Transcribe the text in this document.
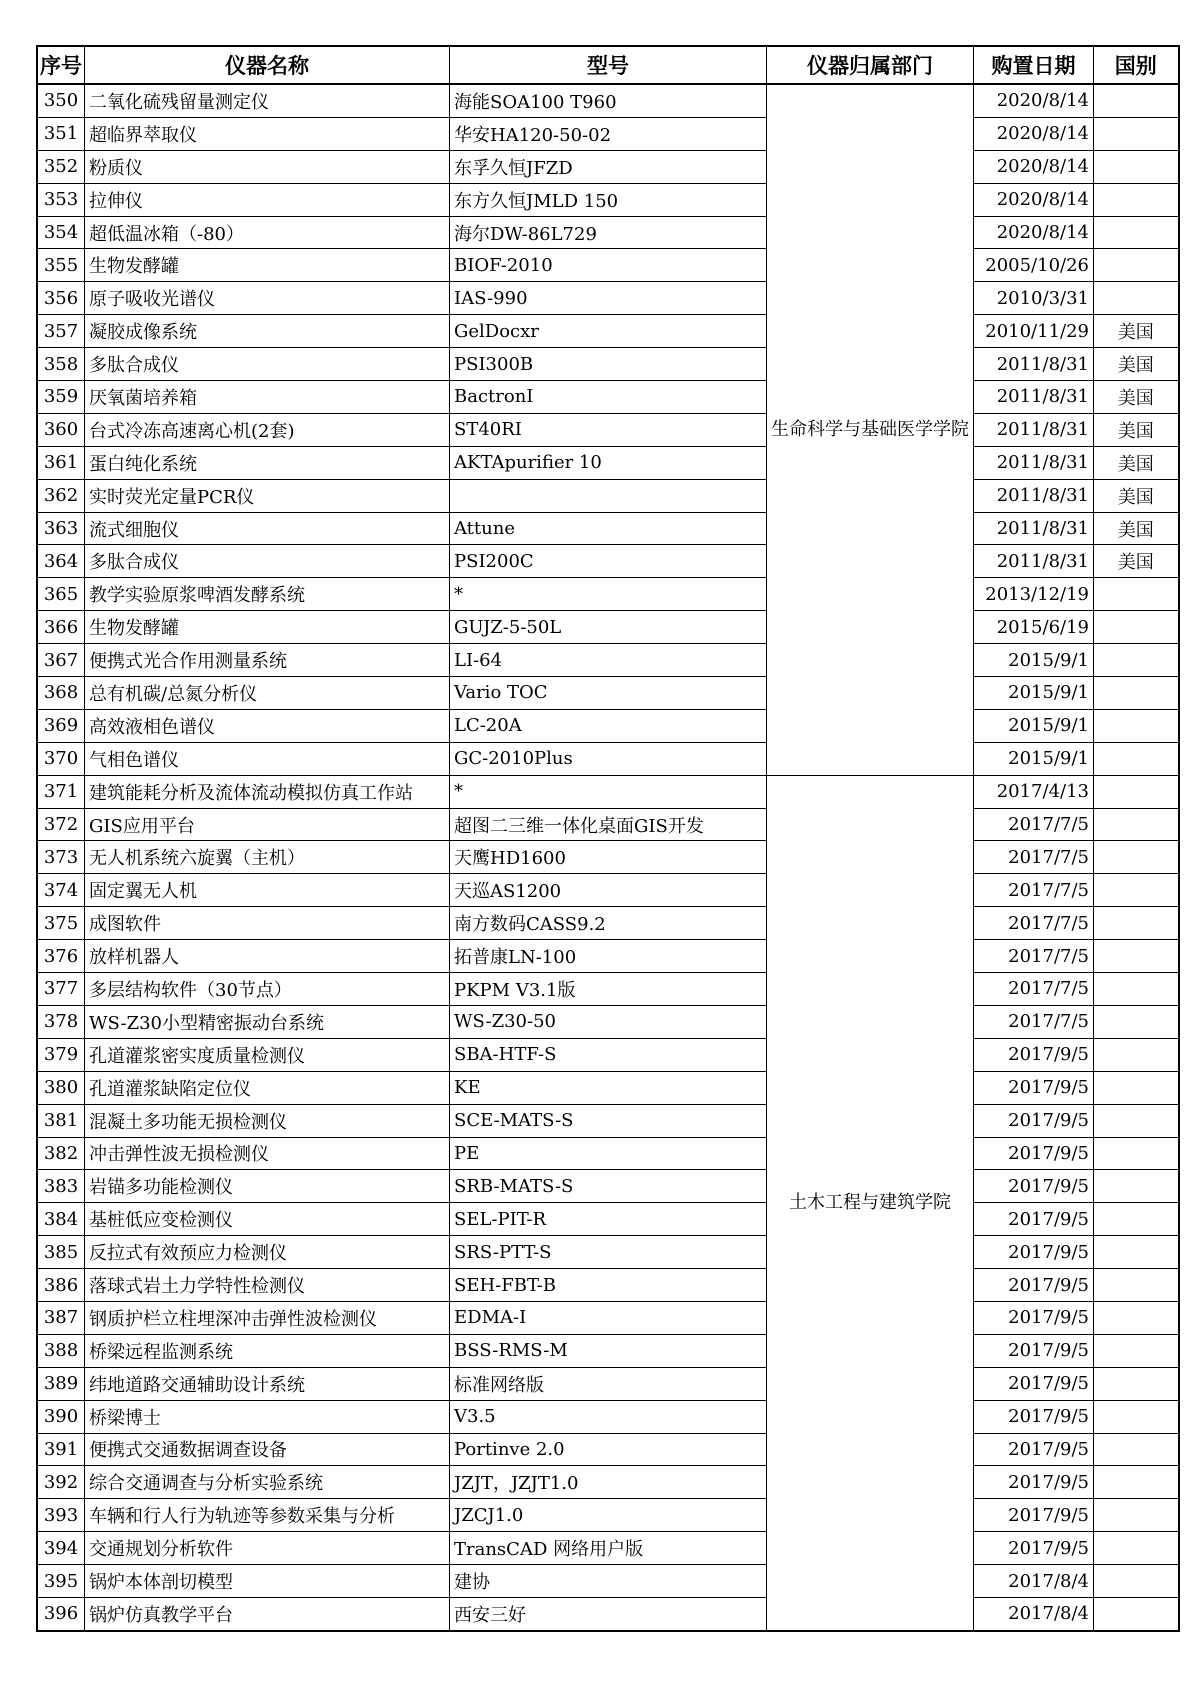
序号	仪器名称	型号	仪器归属部门	购置日期	国别
350	二氧化硫残留量测定仪	海能SOA100 T960	生命科学与基础医学学院	2020/8/14	
351	超临界萃取仪	华安HA120-50-02		2020/8/14	
352	粉质仪	东孚久恒JFZD		2020/8/14	
353	拉伸仪	东方久恒JMLD 150		2020/8/14	
354	超低温冰箱（-80）	海尔DW-86L729		2020/8/14	
355	生物发酵罐	BIOF-2010		2005/10/26	
356	原子吸收光谱仪	IAS-990		2010/3/31	
357	凝胶成像系统	GelDocxr		2010/11/29	美国
358	多肽合成仪	PSI300B		2011/8/31	美国
359	厌氧菌培养箱	BactronⅠ		2011/8/31	美国
360	台式冷冻高速离心机(2套)	ST40RⅠ		2011/8/31	美国
361	蛋白纯化系统	AKTApurifier 10		2011/8/31	美国
362	实时荧光定量PCR仪			2011/8/31	美国
363	流式细胞仪	Attune		2011/8/31	美国
364	多肽合成仪	PSI200C		2011/8/31	美国
365	教学实验原浆啤酒发酵系统	*		2013/12/19	
366	生物发酵罐	GUJZ-5-50L		2015/6/19	
367	便携式光合作用测量系统	LI-64		2015/9/1	
368	总有机碳/总氮分析仪	Vario TOC		2015/9/1	
369	高效液相色谱仪	LC-20A		2015/9/1	
370	气相色谱仪	GC-2010Plus		2015/9/1	
371	建筑能耗分析及流体流动模拟仿真工作站	*	土木工程与建筑学院	2017/4/13	
372	GIS应用平台	超图二三维一体化桌面GIS开发		2017/7/5	
373	无人机系统六旋翼（主机）	天鹰HD1600		2017/7/5	
374	固定翼无人机	天巡AS1200		2017/7/5	
375	成图软件	南方数码CASS9.2		2017/7/5	
376	放样机器人	拓普康LN-100		2017/7/5	
377	多层结构软件（30节点）	PKPM V3.1版		2017/7/5	
378	WS-Z30小型精密振动台系统	WS-Z30-50		2017/7/5	
379	孔道灌浆密实度质量检测仪	SBA-HTF-S		2017/9/5	
380	孔道灌浆缺陷定位仪	KE		2017/9/5	
381	混凝土多功能无损检测仪	SCE-MATS-S		2017/9/5	
382	冲击弹性波无损检测仪	PE		2017/9/5	
383	岩锚多功能检测仪	SRB-MATS-S		2017/9/5	
384	基桩低应变检测仪	SEL-PIT-R		2017/9/5	
385	反拉式有效预应力检测仪	SRS-PTT-S		2017/9/5	
386	落球式岩土力学特性检测仪	SEH-FBT-B		2017/9/5	
387	钢质护栏立柱埋深冲击弹性波检测仪	EDMA-I		2017/9/5	
388	桥梁远程监测系统	BSS-RMS-M		2017/9/5	
389	纬地道路交通辅助设计系统	标准网络版		2017/9/5	
390	桥梁博士	V3.5		2017/9/5	
391	便携式交通数据调查设备	Portinve 2.0		2017/9/5	
392	综合交通调查与分析实验系统	JZJT，JZJT1.0		2017/9/5	
393	车辆和行人行为轨迹等参数采集与分析	JZCJ1.0		2017/9/5	
394	交通规划分析软件	TransCAD 网络用户版		2017/9/5	
395	锅炉本体剖切模型	建协		2017/8/4	
396	锅炉仿真教学平台	西安三好		2017/8/4	
